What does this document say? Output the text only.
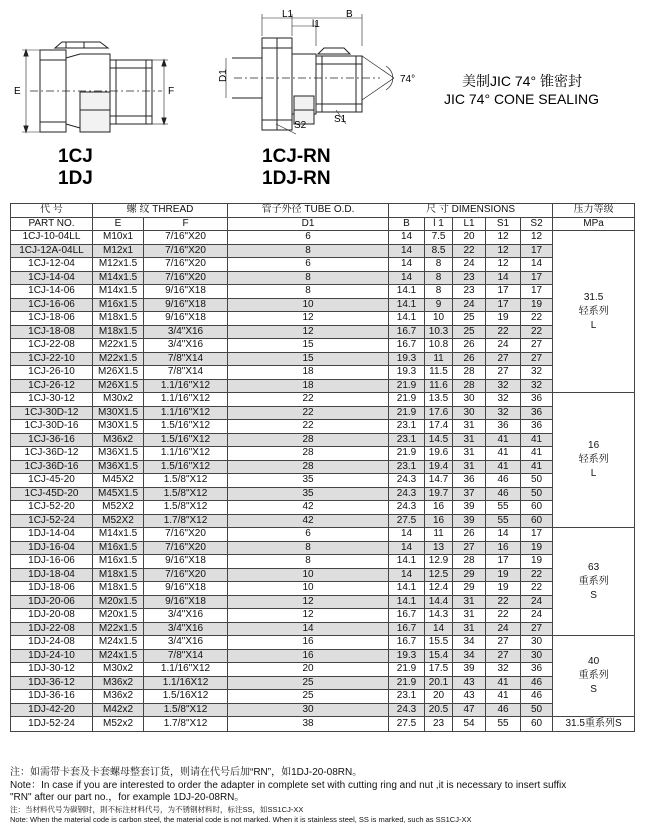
E	F
L1
l1
B
D1
S2
S1
74°
1CJ
1DJ
1CJ-RN
1DJ-RN
美制JIC 74° 锥密封
JIC 74° CONE SEALING
代 号	螺 纹 THREAD		管子外径 TUBE O.D.	尺 寸 DIMENSIONS					压力等级
PART NO.	E	F	D1	B	l 1	L1	S1	S2	MPa
1CJ-10-04LL	M10x1	7/16"X20	6	14	7.5	20	12	12	31.5
轻系列
L

1CJ-12A-04LL	M12x1	7/16"X20	8	14	8.5	22	12	17	
1CJ-12-04	M12x1.5	7/16"X20	6	14	8	24	12	14	
1CJ-14-04	M14x1.5	7/16"X20	8	14	8	23	14	17	
1CJ-14-06	M14x1.5	9/16"X18	8	14.1	8	23	17	17	
1CJ-16-06	M16x1.5	9/16"X18	10	14.1	9	24	17	19	
1CJ-18-06	M18x1.5	9/16"X18	12	14.1	10	25	19	22	
1CJ-18-08	M18x1.5	3/4"X16	12	16.7	10.3	25	22	22	
1CJ-22-08	M22x1.5	3/4"X16	15	16.7	10.8	26	24	27	
1CJ-22-10	M22x1.5	7/8"X14	15	19.3	11	26	27	27	
1CJ-26-10	M26X1.5	7/8"X14	18	19.3	11.5	28	27	32	
1CJ-26-12	M26X1.5	1.1/16"X12	18	21.9	11.6	28	32	32	
1CJ-30-12	M30x2	1.1/16"X12	22	21.9	13.5	30	32	36	16
轻系列
L

1CJ-30D-12	M30X1.5	1.1/16"X12	22	21.9	17.6	30	32	36	
1CJ-30D-16	M30X1.5	1.5/16"X12	22	23.1	17.4	31	36	36	
1CJ-36-16	M36x2	1.5/16"X12	28	23.1	14.5	31	41	41	
1CJ-36D-12	M36X1.5	1.1/16"X12	28	21.9	19.6	31	41	41	
1CJ-36D-16	M36X1.5	1.5/16"X12	28	23.1	19.4	31	41	41	
1CJ-45-20	M45X2	1.5/8"X12	35	24.3	14.7	36	46	50	
1CJ-45D-20	M45X1.5	1.5/8"X12	35	24.3	19.7	37	46	50	
1CJ-52-20	M52X2	1.5/8"X12	42	24.3	16	39	55	60	
1CJ-52-24	M52X2	1.7/8"X12	42	27.5	16	39	55	60	
1DJ-14-04	M14x1.5	7/16"X20	6	14	11	26	14	17	63
重系列
S

1DJ-16-04	M16x1.5	7/16"X20	8	14	13	27	16	19	
1DJ-16-06	M16x1.5	9/16"X18	8	14.1	12.9	28	17	19	
1DJ-18-04	M18x1.5	7/16"X20	10	14	12.5	29	19	22	
1DJ-18-06	M18x1.5	9/16"X18	10	14.1	12.4	29	19	22	
1DJ-20-06	M20x1.5	9/16"X18	12	14.1	14.4	31	22	24	
1DJ-20-08	M20x1.5	3/4"X16	12	16.7	14.3	31	22	24	
1DJ-22-08	M22x1.5	3/4"X16	14	16.7	14	31	24	27	
1DJ-24-08	M24x1.5	3/4"X16	16	16.7	15.5	34	27	30	40
重系列
S

1DJ-24-10	M24x1.5	7/8"X14	16	19.3	15.4	34	27	30	
1DJ-30-12	M30x2	1.1/16"X12	20	21.9	17.5	39	32	36	
1DJ-36-12	M36x2	1.1/16X12	25	21.9	20.1	43	41	46	
1DJ-36-16	M36x2	1.5/16X12	25	23.1	20	43	41	46	
1DJ-42-20	M42x2	1.5/8"X12	30	24.3	20.5	47	46	50	
1DJ-52-24	M52x2	1.7/8"X12	38	27.5	23	54	55	60	31.5重系列S
注：如需带卡套及卡套螺母整套订货，则请在代号后加“RN”，如1DJ-20-08RN。
Note：In case if you are interested to order the adapter in complete set with cutting ring and nut ,it is necessary to insert suffix
"RN" after our part no.，for example 1DJ-20-08RN。
注：当材料代号为碳钢时，則不标注材料代号，为不锈钢材料时，标注SS，如SS1CJ-XX
Note: When the material code is carbon steel, the material code is not marked. When it is stainless steel, SS is marked, such as SS1CJ-XX
